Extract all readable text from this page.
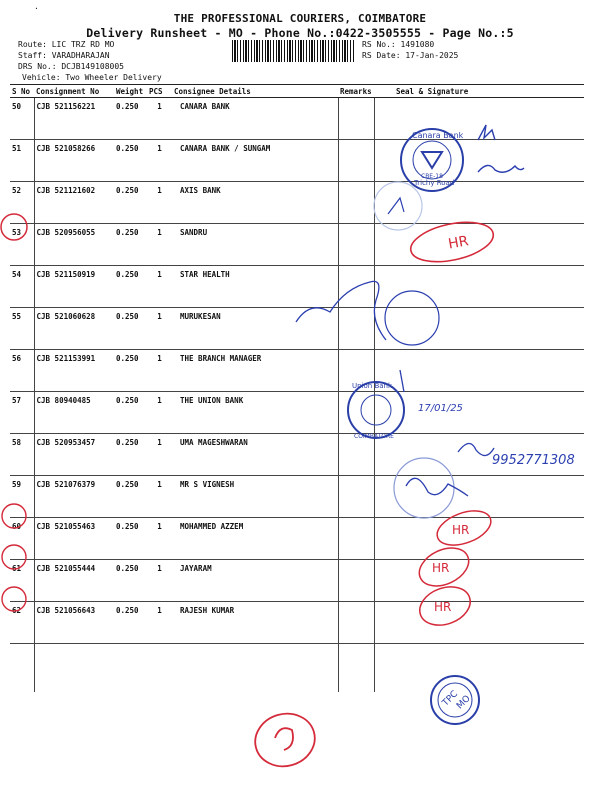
·
THE PROFESSIONAL COURIERS, COIMBATORE
Delivery Runsheet - MO - Phone No.:0422-3505555 - Page No.:5
Route: LIC TRZ RD MO
Staff: VARADHARAJAN
DRS No.: DCJB149108005
Vehicle: Two Wheeler Delivery
RS No.: 1491080
RS Date: 17-Jan-2025
S No	Consignment No	Weight	PCS	Consignee Details	Remarks	Seal & Signature
50	CJB 521156221	0.250	1	CANARA BANK		
51	CJB 521058266	0.250	1	CANARA BANK / SUNGAM		
52	CJB 521121602	0.250	1	AXIS BANK		
53	CJB 520956055	0.250	1	SANDRU		
54	CJB 521150919	0.250	1	STAR HEALTH		
55	CJB 521060628	0.250	1	MURUKESAN		
56	CJB 521153991	0.250	1	THE BRANCH MANAGER		
57	CJB 80940485	0.250	1	THE UNION BANK		
58	CJB 520953457	0.250	1	UMA MAGESHWARAN		
59	CJB 521076379	0.250	1	MR S VIGNESH		
60	CJB 521055463	0.250	1	MOHAMMED AZZEM		
61	CJB 521055444	0.250	1	JAYARAM		
62	CJB 521056643	0.250	1	RAJESH KUMAR		

Canara Bank
Trichy Road
CBE-18
HR
Union Bank
COIMBATORE
17/01/25
9952771308
HR
HR
HR
TPC
MO
